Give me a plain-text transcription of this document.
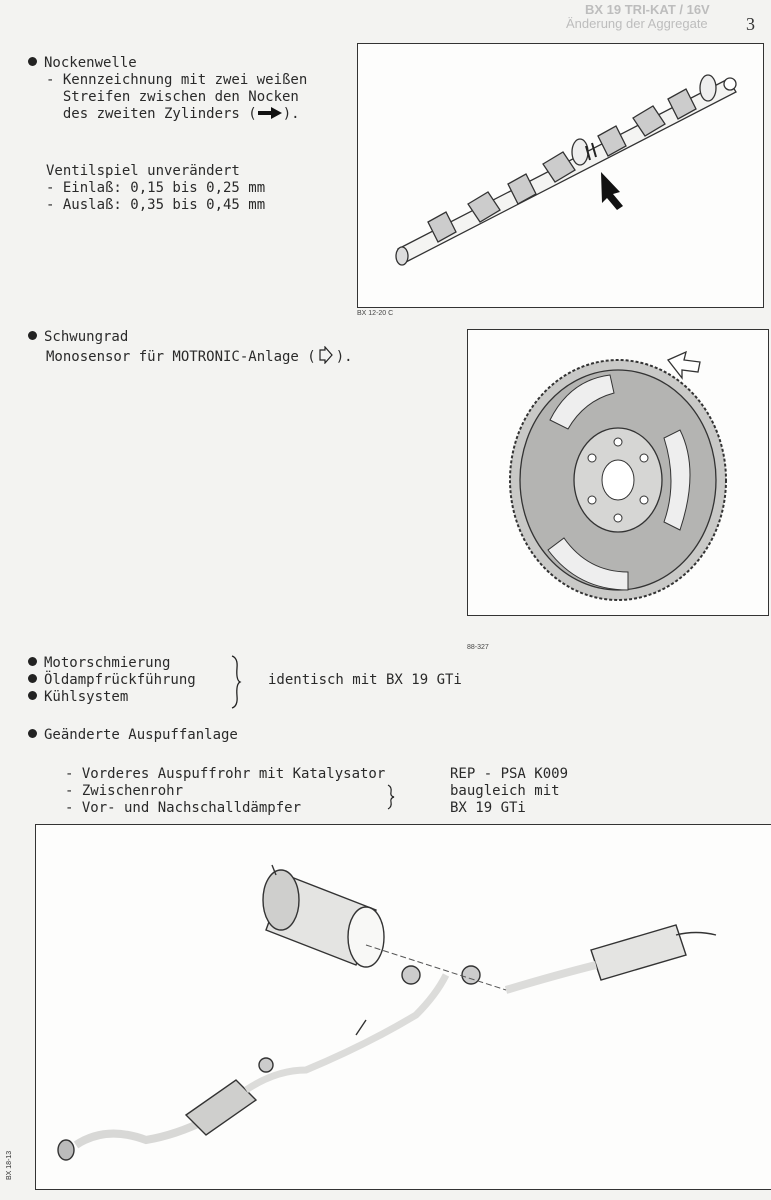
BX 19 TRI-KAT / 16V
Änderung der Aggregate 3
Nockenwelle
- Kennzeichnung mit zwei weißen
Streifen zwischen den Nocken
des zweiten Zylinders ( ).
Ventilspiel unverändert
- Einlaß: 0,15 bis 0,25 mm
- Auslaß: 0,35 bis 0,45 mm
BX 12-20 C
Schwungrad
Monosensor für MOTRONIC-Anlage ( ).
88-327
Motorschmierung
Öldampfrückführung
Kühlsystem
identisch mit BX 19 GTi
Geänderte Auspuffanlage
- Vorderes Auspuffrohr mit Katalysator
- Zwischenrohr
- Vor- und Nachschalldämpfer
REP - PSA K009
baugleich mit
BX 19 GTi
BX 18-13
